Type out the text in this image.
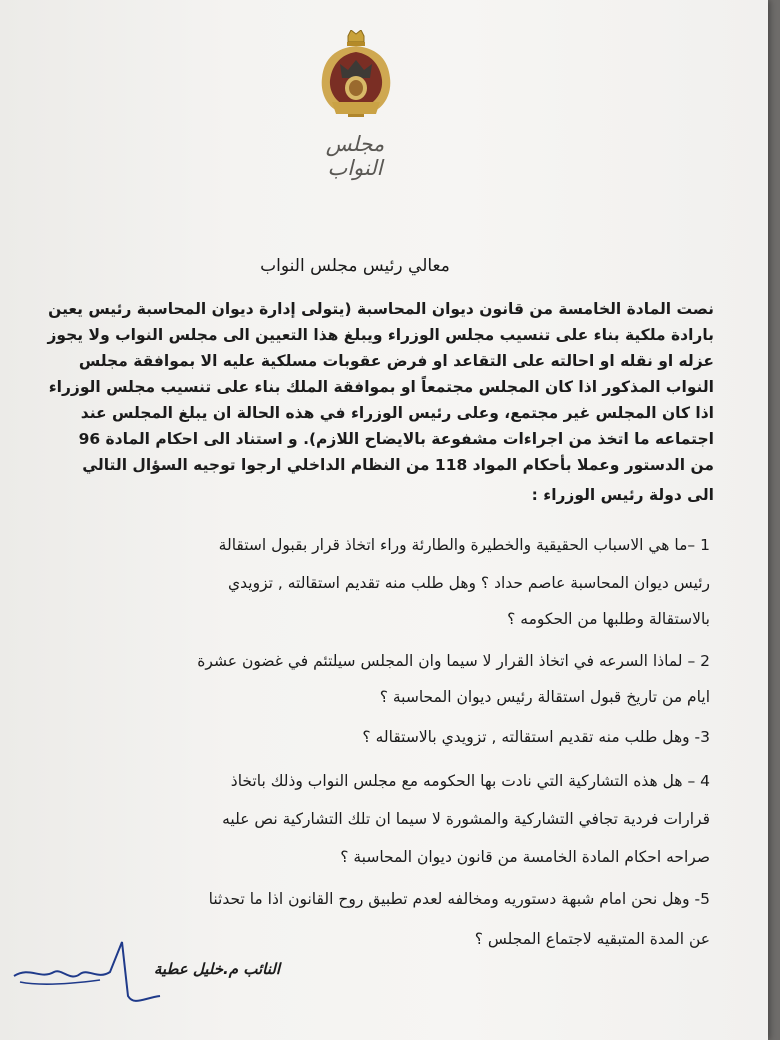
مجلس النواب
معالي رئيس مجلس النواب
نصت المادة الخامسة من قانون ديوان المحاسبة (يتولى إدارة ديوان المحاسبة رئيس يعين
بارادة ملكية بناء على تنسيب مجلس الوزراء ويبلغ هذا التعيين الى مجلس النواب ولا يجوز
عزله او نقله او احالته على التقاعد او فرض عقوبات مسلكية عليه الا بموافقة مجلس
النواب المذكور اذا كان المجلس مجتمعاً او بموافقة الملك بناء على تنسيب مجلس الوزراء
اذا كان المجلس غير مجتمع، وعلى رئيس الوزراء في هذه الحالة ان يبلغ المجلس عند
اجتماعه ما اتخذ من اجراءات مشفوعة بالايضاح اللازم). و استناد الى احكام المادة 96
من الدستور وعملا بأحكام المواد 118 من النظام الداخلي ارجوا توجيه السؤال التالي
الى دولة رئيس الوزراء :
1 –ما هي الاسباب الحقيقية والخطيرة والطارئة وراء اتخاذ قرار بقبول استقالة
رئيس ديوان المحاسبة عاصم حداد ؟ وهل طلب منه تقديم استقالته , تزويدي
بالاستقالة وطلبها من الحكومه ؟
2 – لماذا السرعه في اتخاذ القرار لا سيما وان المجلس سيلتئم في غضون عشرة
ايام من تاريخ قبول استقالة رئيس ديوان المحاسبة ؟
3- وهل طلب منه تقديم استقالته , تزويدي بالاستقاله ؟
4 – هل هذه التشاركية التي نادت بها الحكومه مع مجلس النواب وذلك باتخاذ
قرارات فردية تجافي التشاركية والمشورة لا سيما ان تلك التشاركية نص عليه
صراحه احكام المادة الخامسة من قانون ديوان المحاسبة ؟
5- وهل نحن امام شبهة دستوريه ومخالفه لعدم تطبيق روح القانون اذا ما تحدثنا
عن المدة المتبقيه لاجتماع المجلس ؟
النائب م.خليل عطية
